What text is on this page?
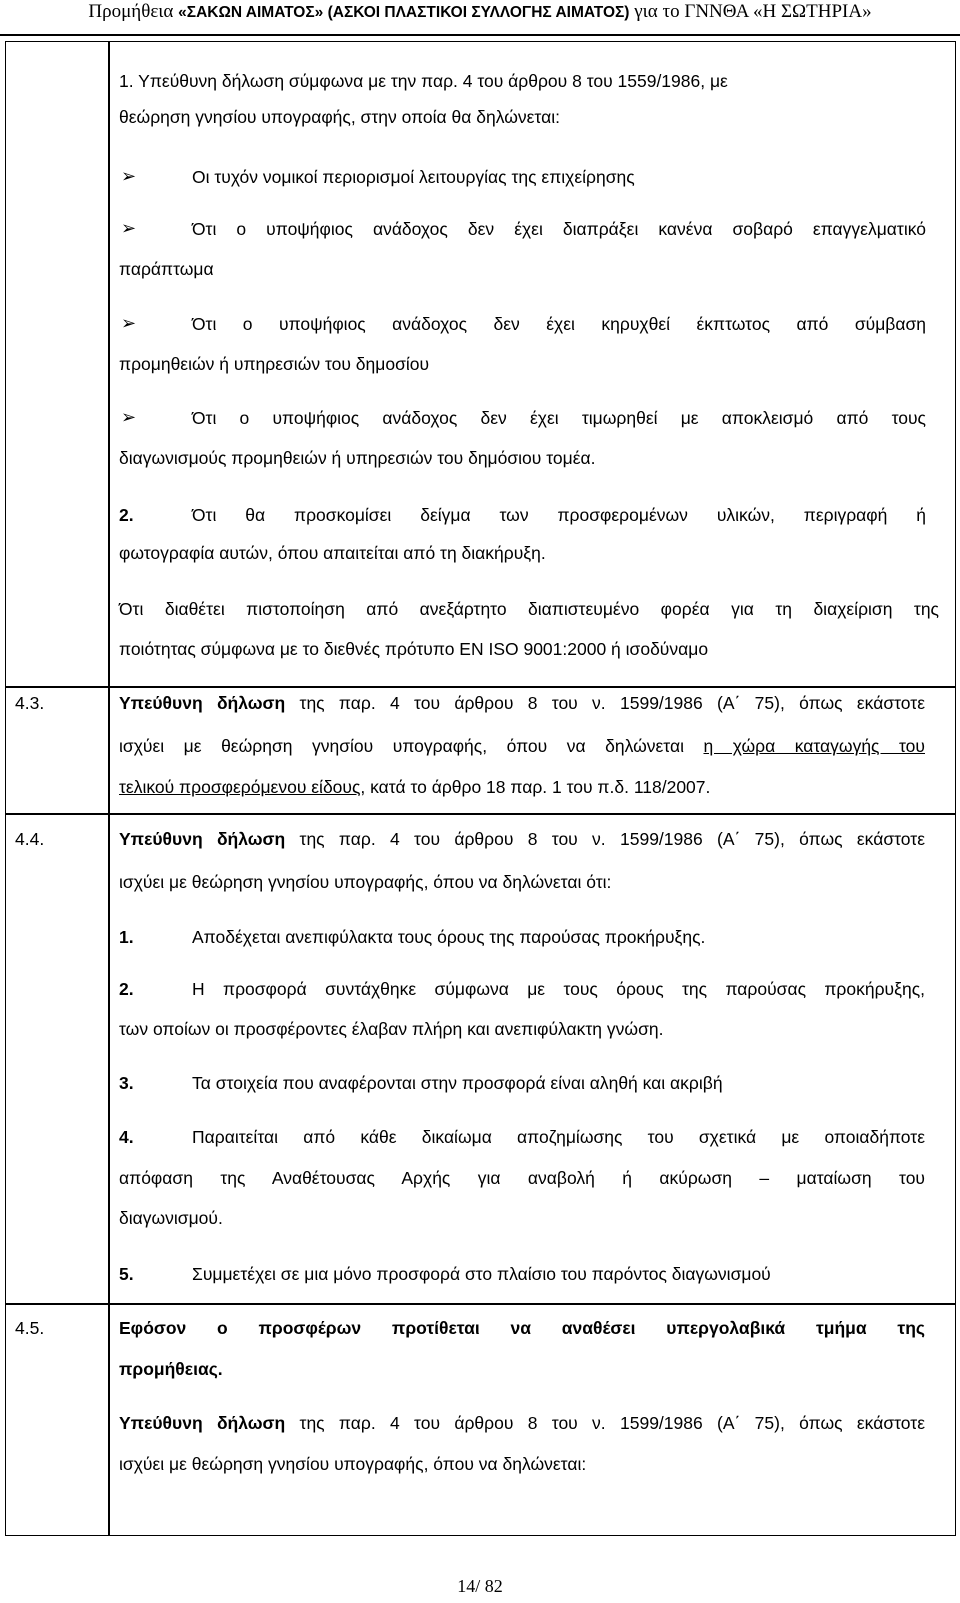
Προμήθεια «ΣΑΚΩΝ ΑΙΜΑΤΟΣ» (ΑΣΚΟΙ ΠΛΑΣΤΙΚΟΙ ΣΥΛΛΟΓΗΣ ΑΙΜΑΤΟΣ) για το ΓΝΝΘΑ «Η ΣΩΤΗΡΙΑ»

1. Υπεύθυνη δήλωση σύμφωνα με την παρ. 4 του άρθρου 8 του 1559/1986, με

θεώρηση γνησίου υπογραφής, στην οποία θα δηλώνεται:

➢	Οι τυχόν νομικοί περιορισμοί λειτουργίας της επιχείρησης

➢	Ότι ο υποψήφιος ανάδοχος δεν έχει διαπράξει κανένα σοβαρό επαγγελματικό

παράπτωμα

➢	Ότι ο υποψήφιος ανάδοχος δεν έχει κηρυχθεί έκπτωτος από σύμβαση

προμηθειών ή υπηρεσιών του δημοσίου

➢	Ότι ο υποψήφιος ανάδοχος δεν έχει τιμωρηθεί με αποκλεισμό από τους

διαγωνισμούς προμηθειών ή υπηρεσιών του δημόσιου τομέα.

2.	Ότι θα προσκομίσει δείγμα των προσφερομένων υλικών, περιγραφή ή

φωτογραφία αυτών, όπου απαιτείται από τη διακήρυξη.

Ότι διαθέτει πιστοποίηση από ανεξάρτητο διαπιστευμένο φορέα για τη διαχείριση της

ποιότητας σύμφωνα με το διεθνές πρότυπο EN ISO 9001:2000 ή ισοδύναμο

4.3.	Υπεύθυνη δήλωση της παρ. 4 του άρθρου 8 του ν. 1599/1986 (Α΄ 75), όπως εκάστοτε

ισχύει με θεώρηση γνησίου υπογραφής, όπου να δηλώνεται η χώρα καταγωγής του

τελικού προσφερόμενου είδους, κατά το άρθρο 18 παρ. 1 του π.δ. 118/2007.

4.4.	Υπεύθυνη δήλωση της παρ. 4 του άρθρου 8 του ν. 1599/1986 (Α΄ 75), όπως εκάστοτε

ισχύει με θεώρηση γνησίου υπογραφής, όπου να δηλώνεται ότι:

1.	Αποδέχεται ανεπιφύλακτα τους όρους της παρούσας προκήρυξης.

2.	Η προσφορά συντάχθηκε σύμφωνα με τους όρους της παρούσας προκήρυξης,

των οποίων οι προσφέροντες έλαβαν πλήρη και ανεπιφύλακτη γνώση.

3.	Τα στοιχεία που αναφέρονται στην προσφορά είναι αληθή και ακριβή

4.	Παραιτείται από κάθε δικαίωμα αποζημίωσης του σχετικά με οποιαδήποτε

απόφαση της Αναθέτουσας Αρχής για αναβολή ή ακύρωση – ματαίωση του

διαγωνισμού.

5.	Συμμετέχει σε μια μόνο προσφορά στο πλαίσιο του παρόντος διαγωνισμού

4.5.	Εφόσον ο προσφέρων προτίθεται να αναθέσει υπεργολαβικά τμήμα της

προμήθειας.

Υπεύθυνη δήλωση της παρ. 4 του άρθρου 8 του ν. 1599/1986 (Α΄ 75), όπως εκάστοτε

ισχύει με θεώρηση γνησίου υπογραφής, όπου να δηλώνεται:

14/ 82
